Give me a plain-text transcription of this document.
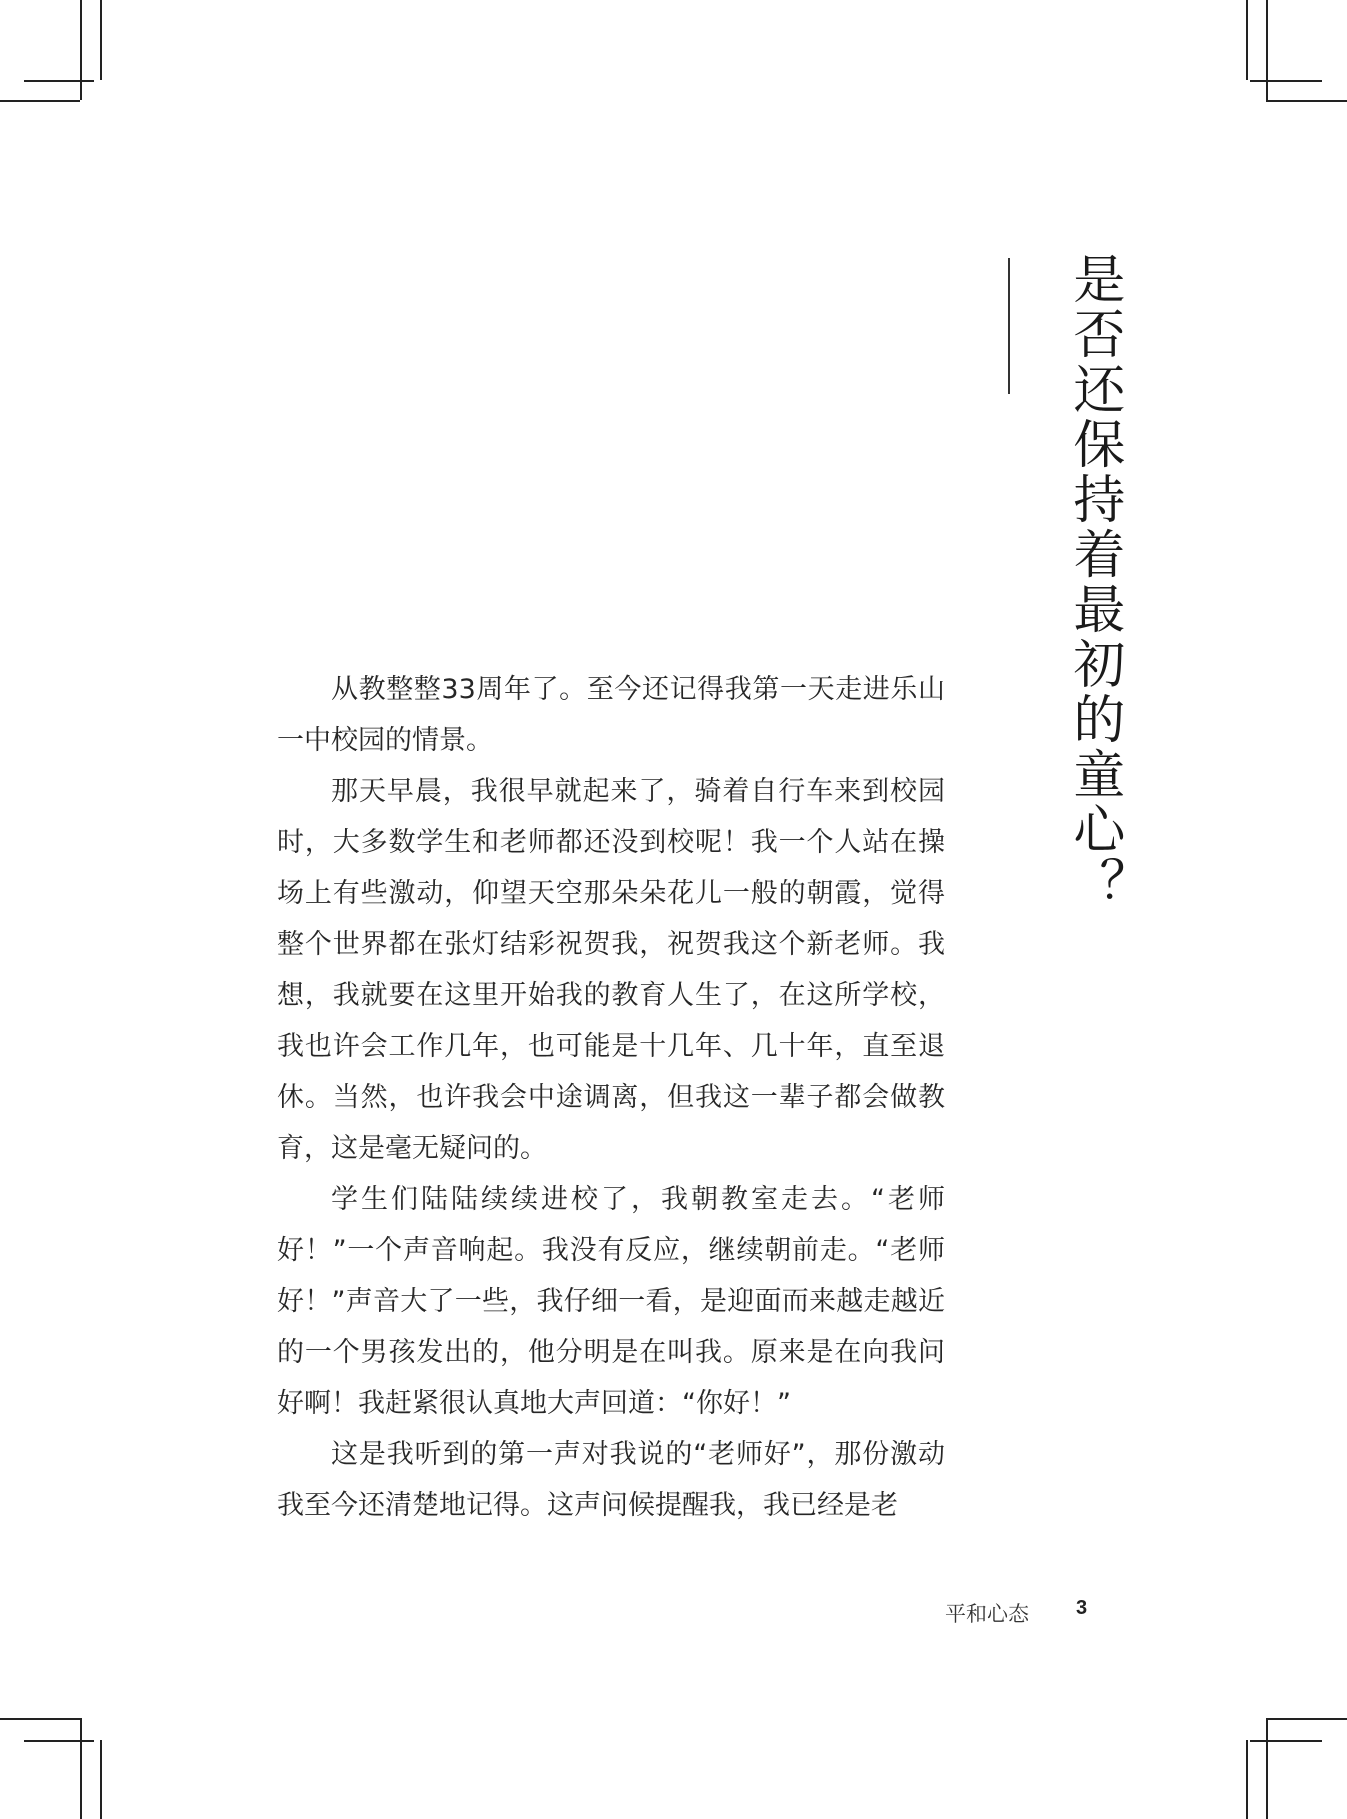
是否还保持着最初的童心？

从教整整33周年了。至今还记得我第一天走进乐山一中校园的情景。

那天早晨，我很早就起来了，骑着自行车来到校园时，大多数学生和老师都还没到校呢！我一个人站在操场上有些激动，仰望天空那朵朵花儿一般的朝霞，觉得整个世界都在张灯结彩祝贺我，祝贺我这个新老师。我想，我就要在这里开始我的教育人生了，在这所学校，我也许会工作几年，也可能是十几年、几十年，直至退休。当然，也许我会中途调离，但我这一辈子都会做教育，这是毫无疑问的。

学生们陆陆续续进校了，我朝教室走去。“老师好！”一个声音响起。我没有反应，继续朝前走。“老师好！”声音大了一些，我仔细一看，是迎面而来越走越近的一个男孩发出的，他分明是在叫我。原来是在向我问好啊！我赶紧很认真地大声回道：“你好！”

这是我听到的第一声对我说的“老师好”，那份激动我至今还清楚地记得。这声问候提醒我，我已经是老

平和心态 3
